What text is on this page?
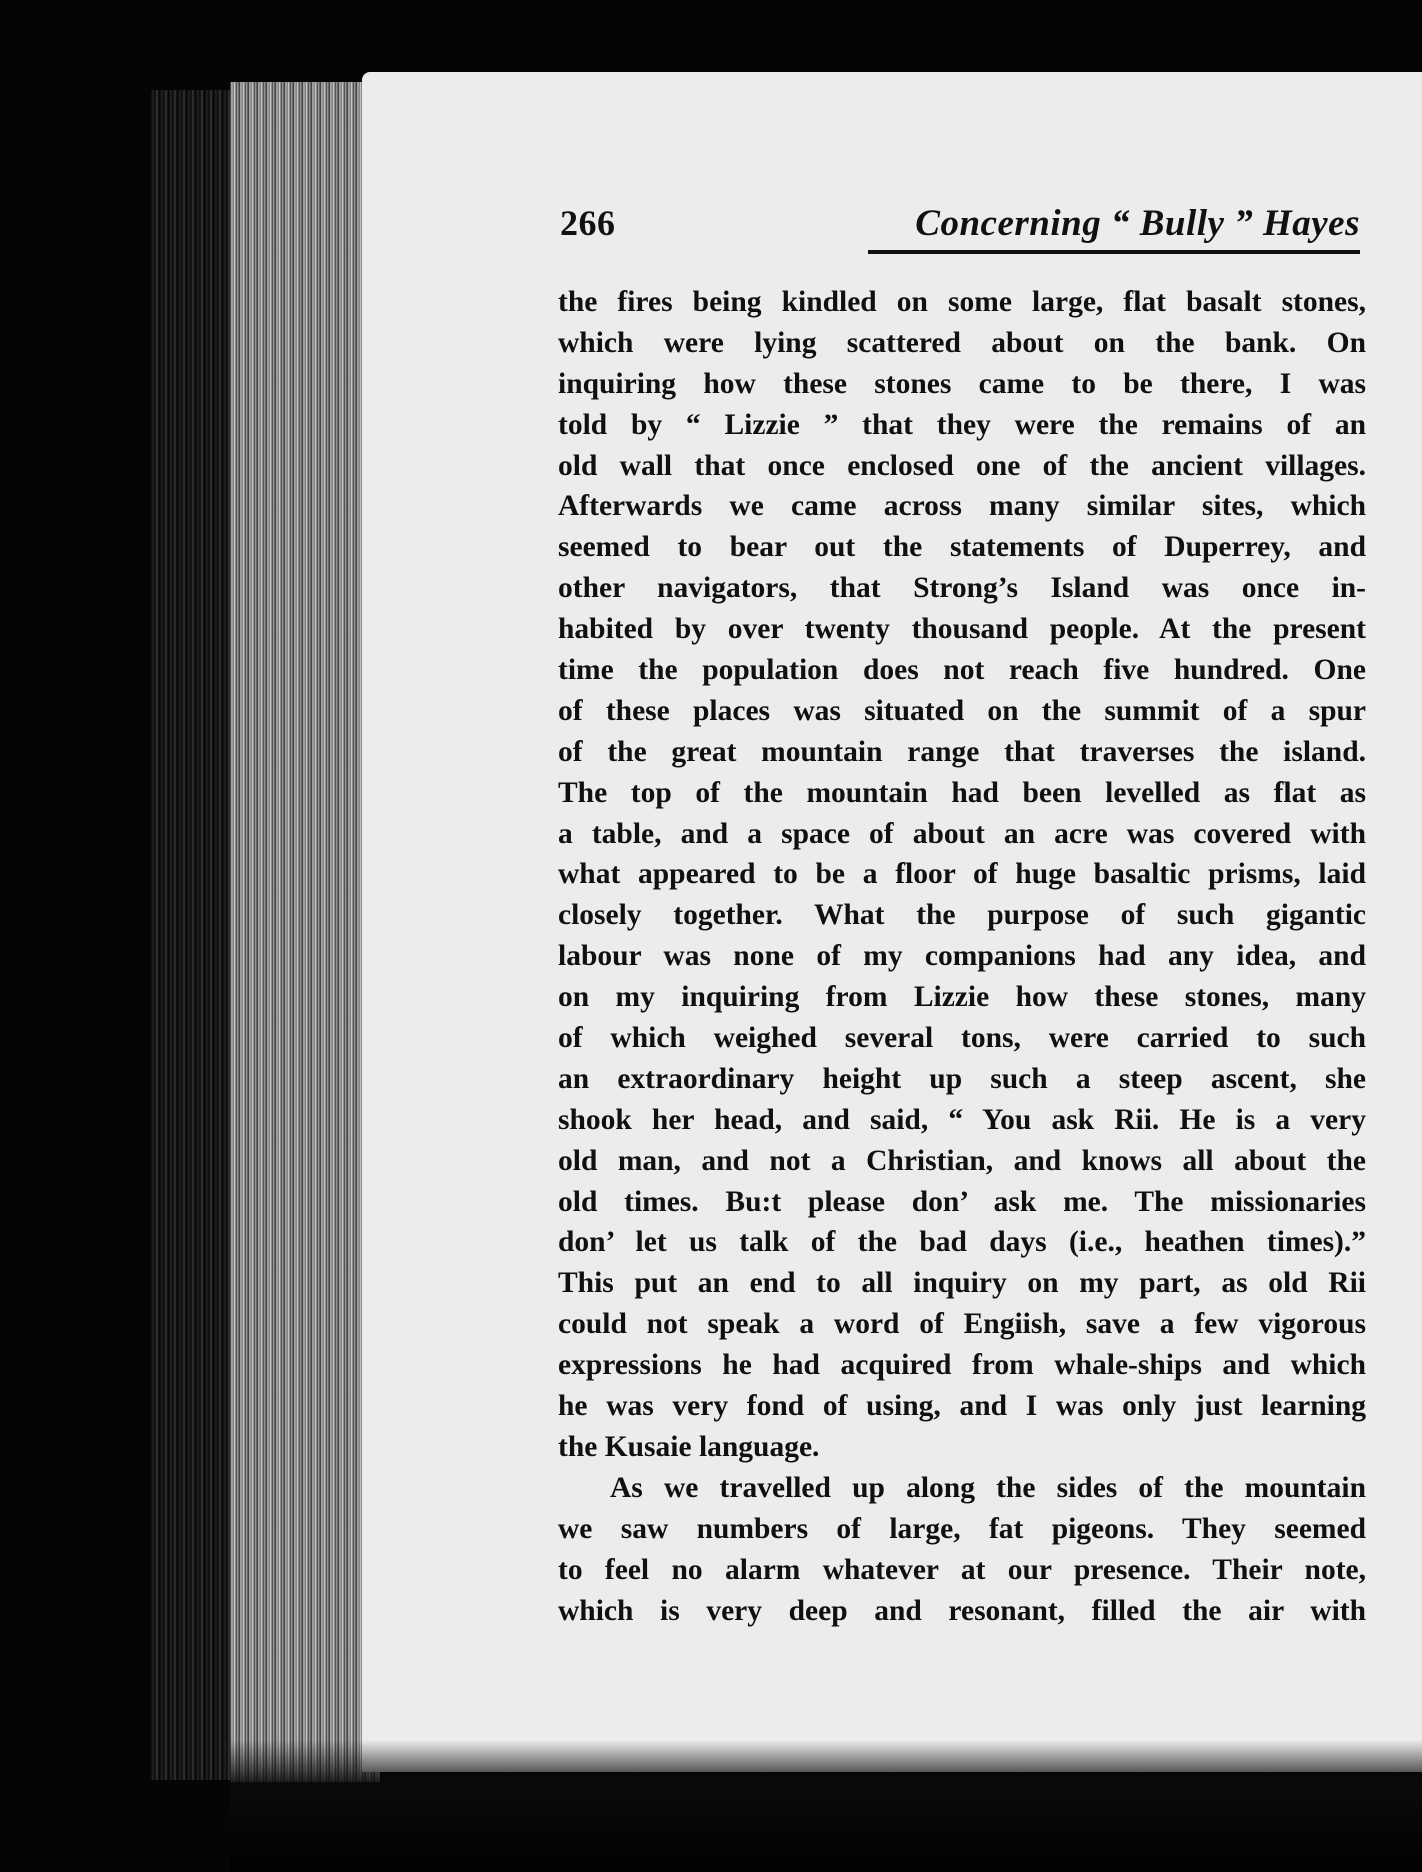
266	Concerning “ Bully ” Hayes
the fires being kindled on some large, flat basalt stones,
which were lying scattered about on the bank. On
inquiring how these stones came to be there, I was
told by “ Lizzie ” that they were the remains of an
old wall that once enclosed one of the ancient villages.
Afterwards we came across many similar sites, which
seemed to bear out the statements of Duperrey, and
other navigators, that Strong’s Island was once in-
habited by over twenty thousand people. At the present
time the population does not reach five hundred. One
of these places was situated on the summit of a spur
of the great mountain range that traverses the island.
The top of the mountain had been levelled as flat as
a table, and a space of about an acre was covered with
what appeared to be a floor of huge basaltic prisms, laid
closely together. What the purpose of such gigantic
labour was none of my companions had any idea, and
on my inquiring from Lizzie how these stones, many
of which weighed several tons, were carried to such
an extraordinary height up such a steep ascent, she
shook her head, and said, “ You ask Rii. He is a very
old man, and not a Christian, and knows all about the
old times. Bu:t please don’ ask me. The missionaries
don’ let us talk of the bad days (i.e., heathen times).”
This put an end to all inquiry on my part, as old Rii
could not speak a word of Engiish, save a few vigorous
expressions he had acquired from whale-ships and which
he was very fond of using, and I was only just learning
the Kusaie language.
As we travelled up along the sides of the mountain
we saw numbers of large, fat pigeons. They seemed
to feel no alarm whatever at our presence. Their note,
which is very deep and resonant, filled the air with
